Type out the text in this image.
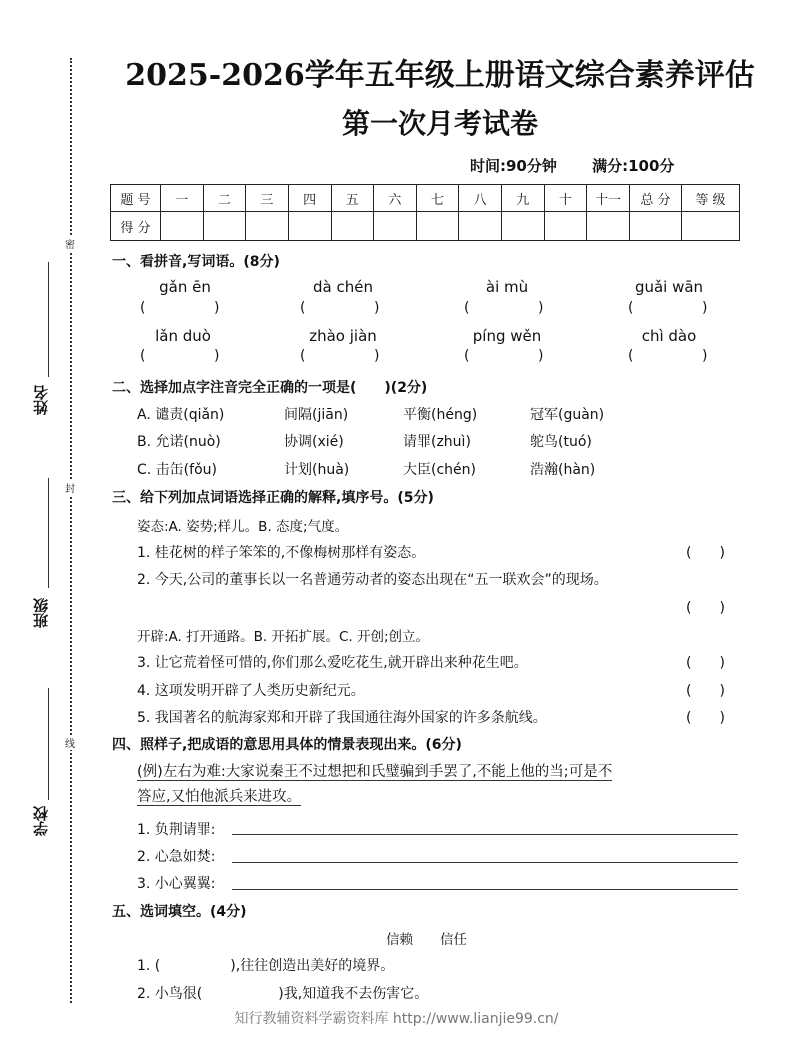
密
封
线
姓名
班级
学校
2025-2026学年五年级上册语文综合素养评估
第一次月考试卷
时间:90分钟 满分:100分
题 号	一	二	三	四	五	六	七	八	九	十	十一	总 分	等 级
得 分													
一、看拼音,写词语。(8分)
gǎn ēn	dà chén	ài mù	guǎi wān
(	)	(	)	(	)	(	)
lǎn duò	zhào jiàn	píng wěn	chì dào
(	)	(	)	(	)	(	)
二、选择加点字注音完全正确的一项是(　　)(2分)
A. 谴责(qiǎn)	间隔(jiān)	平衡(héng)	冠军(guàn)
B. 允诺(nuò)	协调(xié)	请罪(zhuì)	鸵鸟(tuó)
C. 击缶(fǒu)	计划(huà)	大臣(chén)	浩瀚(hàn)
三、给下列加点词语选择正确的解释,填序号。(5分)
姿态:A. 姿势;样儿。B. 态度;气度。
1. 桂花树的样子笨笨的,不像梅树那样有姿态。	(　　)
2. 今天,公司的董事长以一名普通劳动者的姿态出现在“五一联欢会”的现场。
(　　)
开辟:A. 打开通路。B. 开拓扩展。C. 开创;创立。
3. 让它荒着怪可惜的,你们那么爱吃花生,就开辟出来种花生吧。	(　　)
4. 这项发明开辟了人类历史新纪元。	(　　)
5. 我国著名的航海家郑和开辟了我国通往海外国家的许多条航线。	(　　)
四、照样子,把成语的意思用具体的情景表现出来。(6分)
(例)左右为难:大家说秦王不过想把和氏璧骗到手罢了,不能上他的当;可是不
答应,又怕他派兵来进攻。
1. 负荆请罪:
2. 心急如焚:
3. 小心翼翼:
五、选词填空。(4分)
信赖　　信任
1. (	),往往创造出美好的境界。
2. 小鸟很(	)我,知道我不去伤害它。
知行教辅资料学霸资料库 http://www.lianjie99.cn/
